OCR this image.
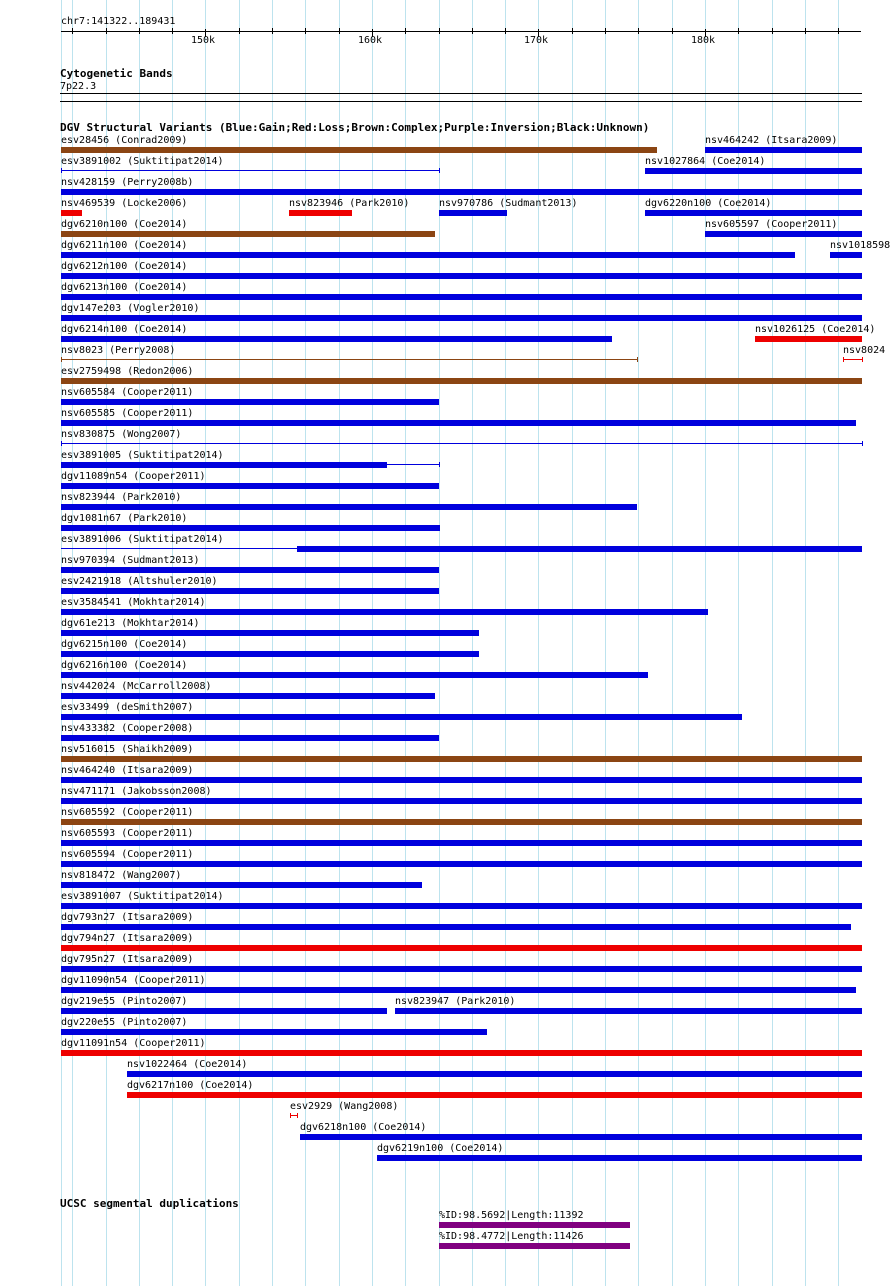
chr7:141322..189431
150k	160k	170k	180k
Cytogenetic Bands
7p22.3
DGV Structural Variants (Blue:Gain;Red:Loss;Brown:Complex;Purple:Inversion;Black:Unknown)
esv28456 (Conrad2009)	nsv464242 (Itsara2009)
esv3891002 (Suktitipat2014)	nsv1027864 (Coe2014)
nsv428159 (Perry2008b)
nsv469539 (Locke2006)	nsv823946 (Park2010)	nsv970786 (Sudmant2013)	dgv6220n100 (Coe2014)
dgv6210n100 (Coe2014)	nsv605597 (Cooper2011)
dgv6211n100 (Coe2014)	nsv1018598
dgv6212n100 (Coe2014)
dgv6213n100 (Coe2014)
dgv147e203 (Vogler2010)
dgv6214n100 (Coe2014)	nsv1026125 (Coe2014)
nsv8023 (Perry2008)	nsv8024
esv2759498 (Redon2006)
nsv605584 (Cooper2011)
nsv605585 (Cooper2011)
nsv830875 (Wong2007)
esv3891005 (Suktitipat2014)
dgv11089n54 (Cooper2011)
nsv823944 (Park2010)
dgv1081n67 (Park2010)
esv3891006 (Suktitipat2014)
nsv970394 (Sudmant2013)
esv2421918 (Altshuler2010)
esv3584541 (Mokhtar2014)
dgv61e213 (Mokhtar2014)
dgv6215n100 (Coe2014)
dgv6216n100 (Coe2014)
nsv442024 (McCarroll2008)
esv33499 (deSmith2007)
nsv433382 (Cooper2008)
nsv516015 (Shaikh2009)
nsv464240 (Itsara2009)
nsv471171 (Jakobsson2008)
nsv605592 (Cooper2011)
nsv605593 (Cooper2011)
nsv605594 (Cooper2011)
nsv818472 (Wang2007)
esv3891007 (Suktitipat2014)
dgv793n27 (Itsara2009)
dgv794n27 (Itsara2009)
dgv795n27 (Itsara2009)
dgv11090n54 (Cooper2011)
dgv219e55 (Pinto2007)	nsv823947 (Park2010)
dgv220e55 (Pinto2007)
dgv11091n54 (Cooper2011)
nsv1022464 (Coe2014)
dgv6217n100 (Coe2014)
esv2929 (Wang2008)
dgv6218n100 (Coe2014)
dgv6219n100 (Coe2014)
UCSC segmental duplications
%ID:98.5692|Length:11392
%ID:98.4772|Length:11426
